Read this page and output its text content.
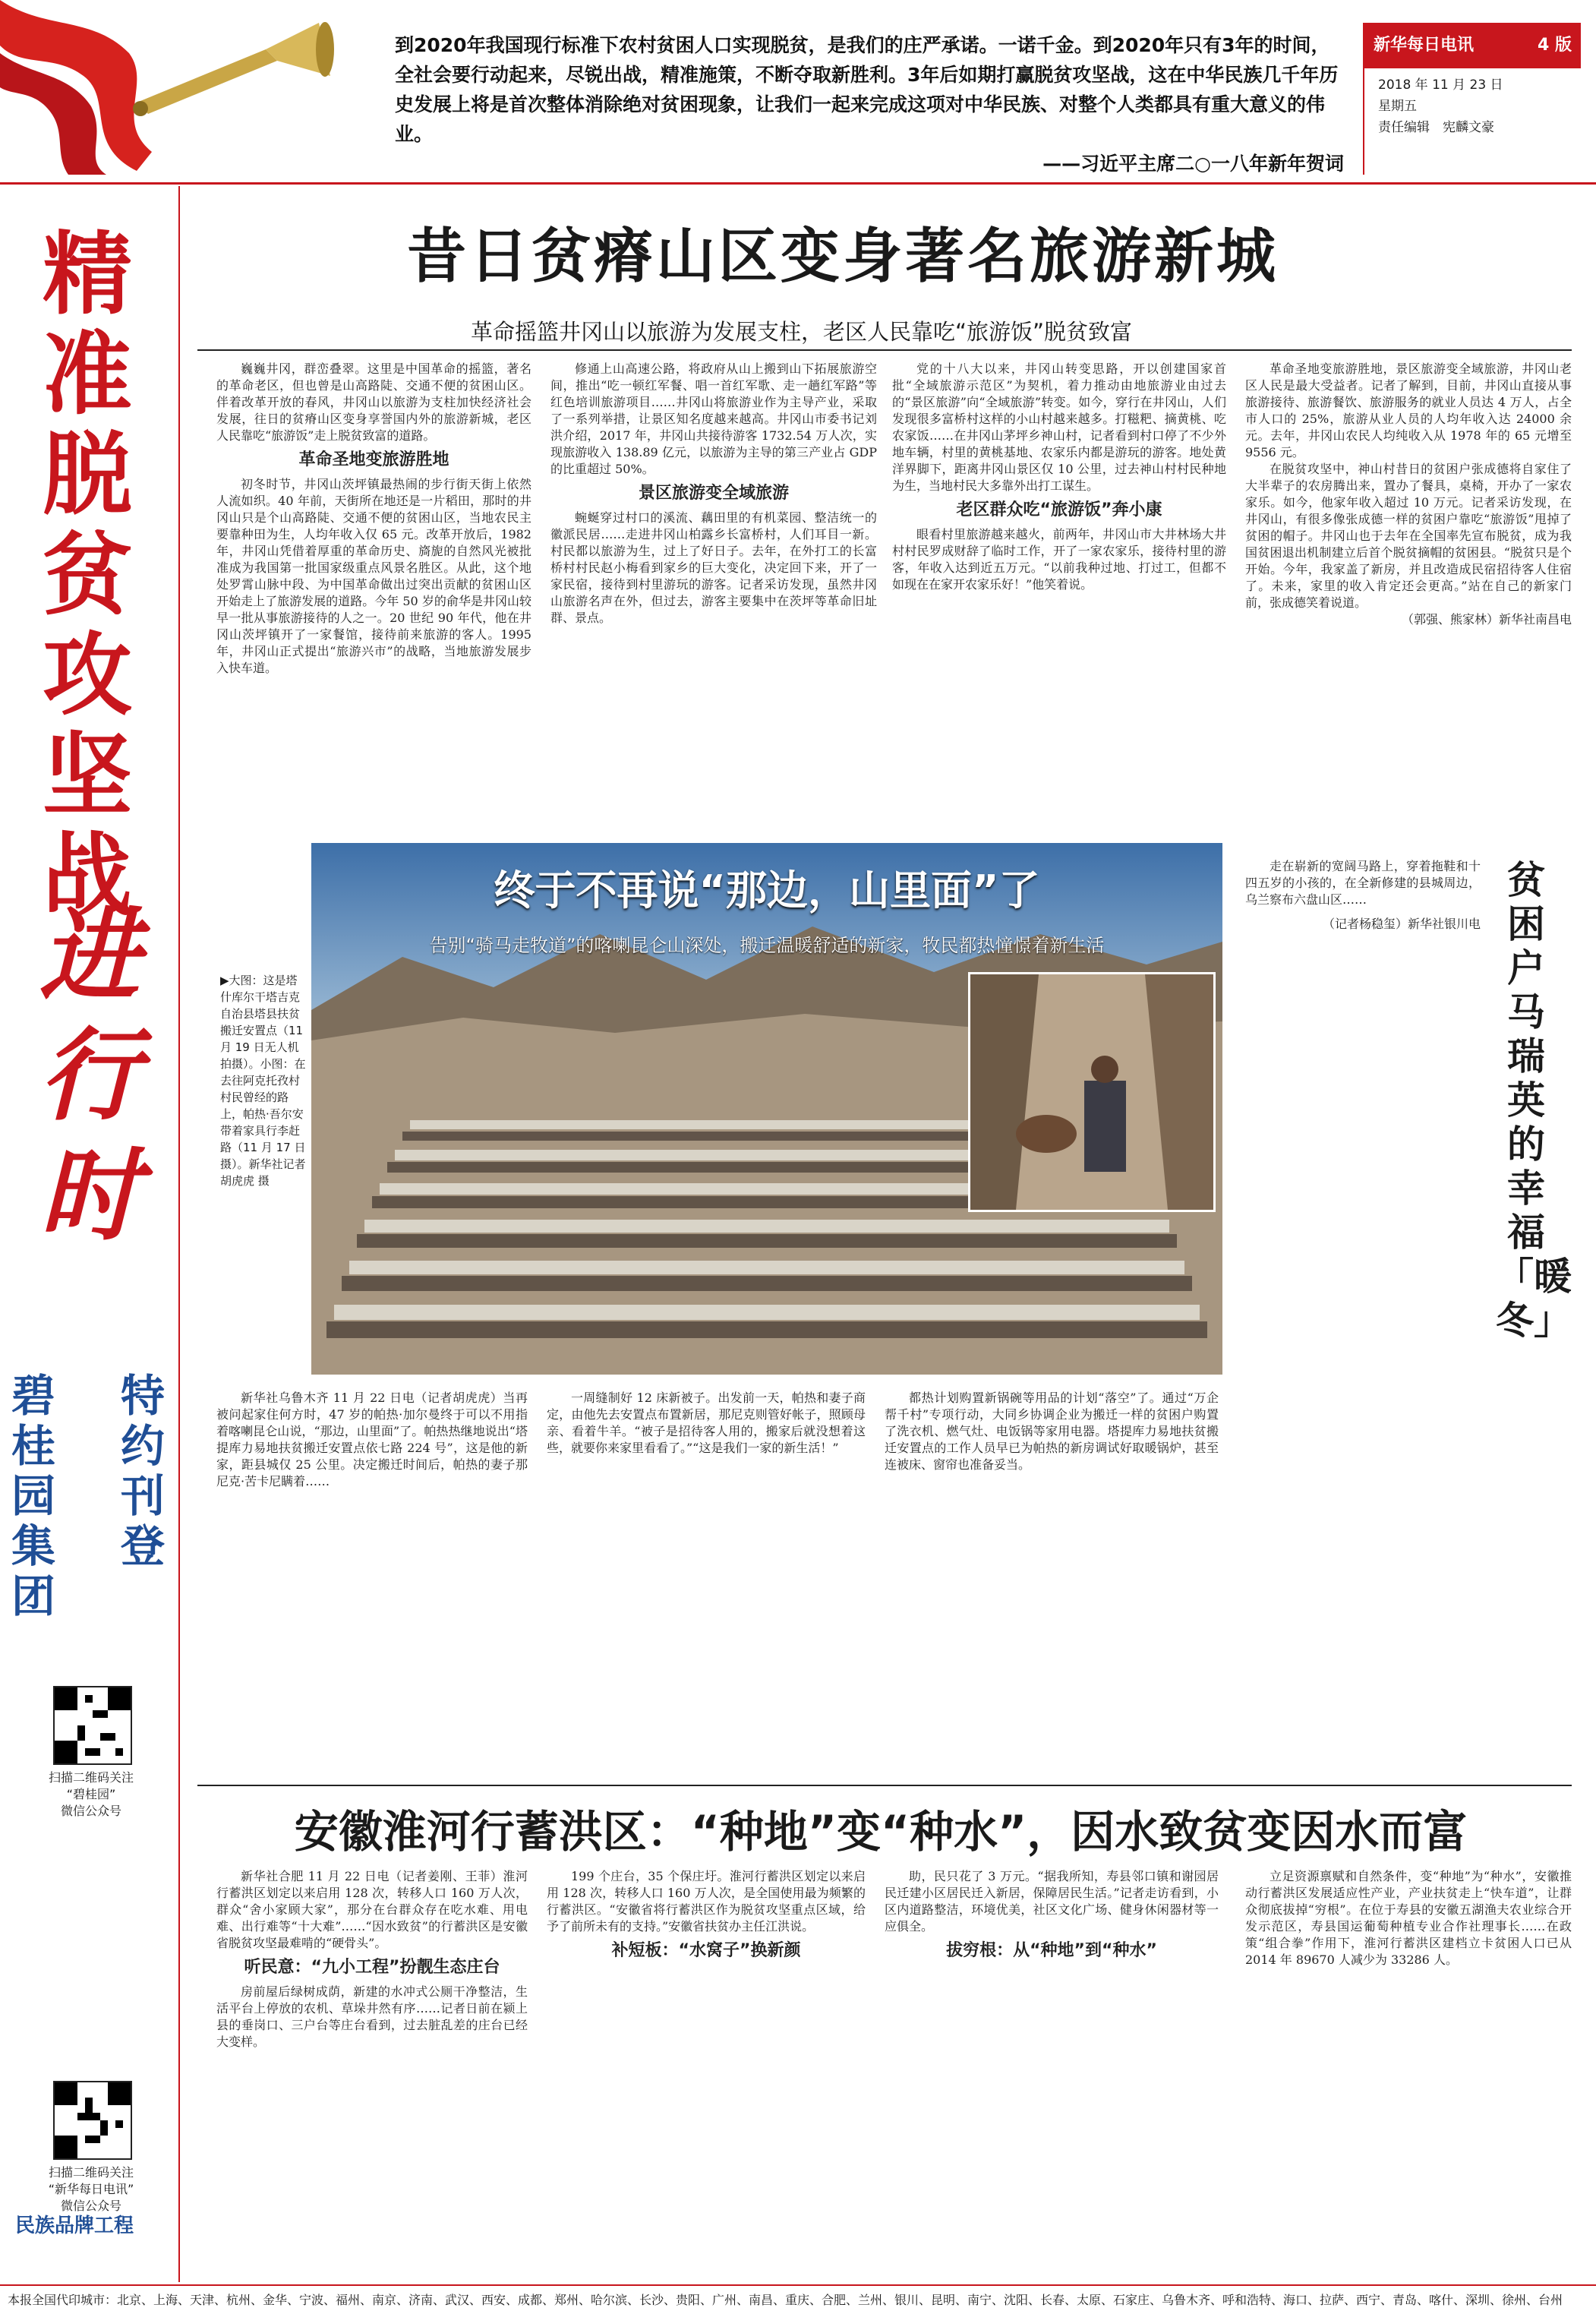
到2020年我国现行标准下农村贫困人口实现脱贫，是我们的庄严承诺。一诺千金。到2020年只有3年的时间，全社会要行动起来，尽锐出战，精准施策，不断夺取新胜利。3年后如期打赢脱贫攻坚战，这在中华民族几千年历史发展上将是首次整体消除绝对贫困现象，让我们一起来完成这项对中华民族、对整个人类都具有重大意义的伟业。
——习近平主席二○一八年新年贺词
新华每日电讯	4 版
2018 年 11 月 23 日
星期五
责任编辑　宪麟文豪
精准脱贫攻坚战
进行时
碧桂园集团
特约刊登
扫描二维码关注
“碧桂园”
微信公众号
扫描二维码关注
“新华每日电讯”
微信公众号
民族品牌工程
昔日贫瘠山区变身著名旅游新城
革命摇篮井冈山以旅游为发展支柱，老区人民靠吃“旅游饭”脱贫致富

巍巍井冈，群峦叠翠。这里是中国革命的摇篮，著名的革命老区，但也曾是山高路陡、交通不便的贫困山区。伴着改革开放的春风，井冈山以旅游为支柱加快经济社会发展，往日的贫瘠山区变身享誉国内外的旅游新城，老区人民靠吃“旅游饭”走上脱贫致富的道路。

革命圣地变旅游胜地

初冬时节，井冈山茨坪镇最热闹的步行街天街上依然人流如织。40 年前，天街所在地还是一片稻田，那时的井冈山只是个山高路陡、交通不便的贫困山区，当地农民主要靠种田为生，人均年收入仅 65 元。改革开放后，1982 年，井冈山凭借着厚重的革命历史、旖旎的自然风光被批准成为我国第一批国家级重点风景名胜区。从此，这个地处罗霄山脉中段、为中国革命做出过突出贡献的贫困山区开始走上了旅游发展的道路。今年 50 岁的俞华是井冈山较早一批从事旅游接待的人之一。20 世纪 90 年代，他在井冈山茨坪镇开了一家餐馆，接待前来旅游的客人。1995 年，井冈山正式提出“旅游兴市”的战略，当地旅游发展步入快车道。

修通上山高速公路，将政府从山上搬到山下拓展旅游空间，推出“吃一顿红军餐、唱一首红军歌、走一趟红军路”等红色培训旅游项目……井冈山将旅游业作为主导产业，采取了一系列举措，让景区知名度越来越高。井冈山市委书记刘洪介绍，2017 年，井冈山共接待游客 1732.54 万人次，实现旅游收入 138.89 亿元，以旅游为主导的第三产业占 GDP 的比重超过 50%。

景区旅游变全域旅游

蜿蜒穿过村口的溪流、藕田里的有机菜园、整洁统一的徽派民居……走进井冈山柏露乡长富桥村，人们耳目一新。村民都以旅游为生，过上了好日子。去年，在外打工的长富桥村村民赵小梅看到家乡的巨大变化，决定回下来，开了一家民宿，接待到村里游玩的游客。记者采访发现，虽然井冈山旅游名声在外，但过去，游客主要集中在茨坪等革命旧址群、景点。

党的十八大以来，井冈山转变思路，开以创建国家首批“全域旅游示范区”为契机，着力推动由地旅游业由过去的“景区旅游”向“全域旅游”转变。如今，穿行在井冈山，人们发现很多富桥村这样的小山村越来越多。打糍粑、摘黄桃、吃农家饭……在井冈山茅坪乡神山村，记者看到村口停了不少外地车辆，村里的黄桃基地、农家乐内都是游玩的游客。地处黄洋界脚下，距离井冈山景区仅 10 公里，过去神山村村民种地为生，当地村民大多靠外出打工谋生。

老区群众吃“旅游饭”奔小康

眼看村里旅游越来越火，前两年，井冈山市大井林场大井村村民罗成财辞了临时工作，开了一家农家乐，接待村里的游客，年收入达到近五万元。“以前我种过地、打过工，但都不如现在在家开农家乐好！”他笑着说。

革命圣地变旅游胜地，景区旅游变全域旅游，井冈山老区人民是最大受益者。记者了解到，目前，井冈山直接从事旅游接待、旅游餐饮、旅游服务的就业人员达 4 万人，占全市人口的 25%，旅游从业人员的人均年收入达 24000 余元。去年，井冈山农民人均纯收入从 1978 年的 65 元增至 9556 元。

在脱贫攻坚中，神山村昔日的贫困户张成德将自家住了大半辈子的农房腾出来，置办了餐具，桌椅，开办了一家农家乐。如今，他家年收入超过 10 万元。记者采访发现，在井冈山，有很多像张成德一样的贫困户靠吃“旅游饭”甩掉了贫困的帽子。井冈山也于去年在全国率先宣布脱贫，成为我国贫困退出机制建立后首个脱贫摘帽的贫困县。“脱贫只是个开始。今年，我家盖了新房，并且改造成民宿招待客人住宿了。未来，家里的收入肯定还会更高。”站在自己的新家门前，张成德笑着说道。

（郭强、熊家林）新华社南昌电

终于不再说“那边，山里面”了
告别“骑马走牧道”的喀喇昆仑山深处，搬迁温暖舒适的新家，牧民都热憧憬着新生活
▶大图：这是塔什库尔干塔吉克自治县塔县扶贫搬迁安置点（11 月 19 日无人机拍摄）。小图：在去往阿克托孜村村民曾经的路上，帕热·吾尔安带着家具行李赶路（11 月 17 日摄）。新华社记者 胡虎虎 摄

新华社乌鲁木齐 11 月 22 日电（记者胡虎虎）当再被问起家住何方时，47 岁的帕热·加尔曼终于可以不用指着喀喇昆仑山说，“那边，山里面”了。帕热热继地说出“塔提库力易地扶贫搬迁安置点依七路 224 号”，这是他的新家，距县城仅 25 公里。决定搬迁时间后，帕热的妻子那尼克·苦卡尼瞒着……

一周缝制好 12 床新被子。出发前一天，帕热和妻子商定，由他先去安置点布置新居，那尼克则管好帐子，照顾母亲、看着牛羊。“被子是招待客人用的，搬家后就没想着这些，就要你来家里看看了。”“这是我们一家的新生活！”

都热计划购置新锅碗等用品的计划“落空”了。通过“万企帮千村”专项行动，大同乡协调企业为搬迁一样的贫困户购置了洗衣机、燃气灶、电饭锅等家用电器。塔提库力易地扶贫搬迁安置点的工作人员早已为帕热的新房调试好取暖锅炉，甚至连被床、窗帘也准备妥当。

走在崭新的宽阔马路上，穿着拖鞋和十四五岁的小孩的，在全新修建的县城周边，乌兰察布六盘山区……

（记者杨稳玺）新华社银川电

贫困户马瑞英的幸福「暖冬」
安徽淮河行蓄洪区：“种地”变“种水”，因水致贫变因水而富

新华社合肥 11 月 22 日电（记者姜刚、王菲）淮河行蓄洪区划定以来启用 128 次，转移人口 160 万人次，群众“舍小家顾大家”，那分在台群众存在吃水难、用电难、出行难等“十大难”……“因水致贫”的行蓄洪区是安徽省脱贫攻坚最难啃的“硬骨头”。

听民意：“九小工程”扮靓生态庄台

房前屋后绿树成荫，新建的水冲式公厕干净整洁，生活平台上停放的农机、草垛井然有序……记者日前在颍上县的垂岗口、三户台等庄台看到，过去脏乱差的庄台已经大变样。

199 个庄台，35 个保庄圩。淮河行蓄洪区划定以来启用 128 次，转移人口 160 万人次，是全国使用最为频繁的行蓄洪区。“安徽省将行蓄洪区作为脱贫攻坚重点区域，给予了前所未有的支持。”安徽省扶贫办主任江洪说。

补短板：“水窝子”换新颜

助，民只花了 3 万元。“据我所知，寿县邻口镇和谢园居民迁建小区居民迁入新居，保障居民生活。”记者走访看到，小区内道路整洁，环境优美，社区文化广场、健身休闲器材等一应俱全。

拔穷根：从“种地”到“种水”

立足资源禀赋和自然条件，变“种地”为“种水”，安徽推动行蓄洪区发展适应性产业，产业扶贫走上“快车道”，让群众彻底拔掉“穷根”。在位于寿县的安徽五湖渔夫农业综合开发示范区，寿县国运葡萄种植专业合作社理事长……在政策“组合拳”作用下，淮河行蓄洪区建档立卡贫困人口已从 2014 年 89670 人减少为 33286 人。

本报全国代印城市：北京、上海、天津、杭州、金华、宁波、福州、南京、济南、武汉、西安、成都、郑州、哈尔滨、长沙、贵阳、广州、南昌、重庆、合肥、兰州、银川、昆明、南宁、沈阳、长春、太原、石家庄、乌鲁木齐、呼和浩特、海口、拉萨、西宁、青岛、喀什、深圳、徐州、台州
